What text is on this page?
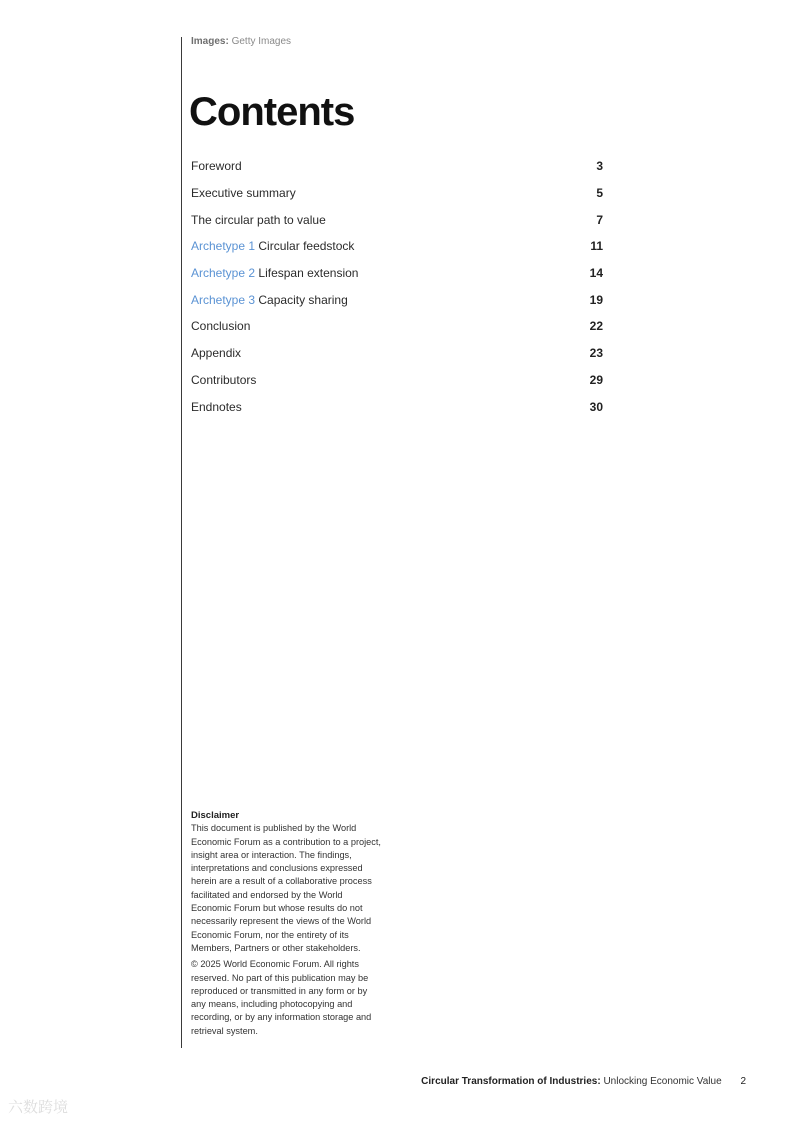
Images: Getty Images
Contents
Foreword	3
Executive summary	5
The circular path to value	7
Archetype 1 Circular feedstock	11
Archetype 2 Lifespan extension	14
Archetype 3 Capacity sharing	19
Conclusion	22
Appendix	23
Contributors	29
Endnotes	30
Disclaimer

This document is published by the World Economic Forum as a contribution to a project, insight area or interaction. The findings, interpretations and conclusions expressed herein are a result of a collaborative process facilitated and endorsed by the World Economic Forum but whose results do not necessarily represent the views of the World Economic Forum, nor the entirety of its Members, Partners or other stakeholders.

© 2025 World Economic Forum. All rights reserved. No part of this publication may be reproduced or transmitted in any form or by any means, including photocopying and recording, or by any information storage and retrieval system.

Circular Transformation of Industries: Unlocking Economic Value 2
六数跨境
